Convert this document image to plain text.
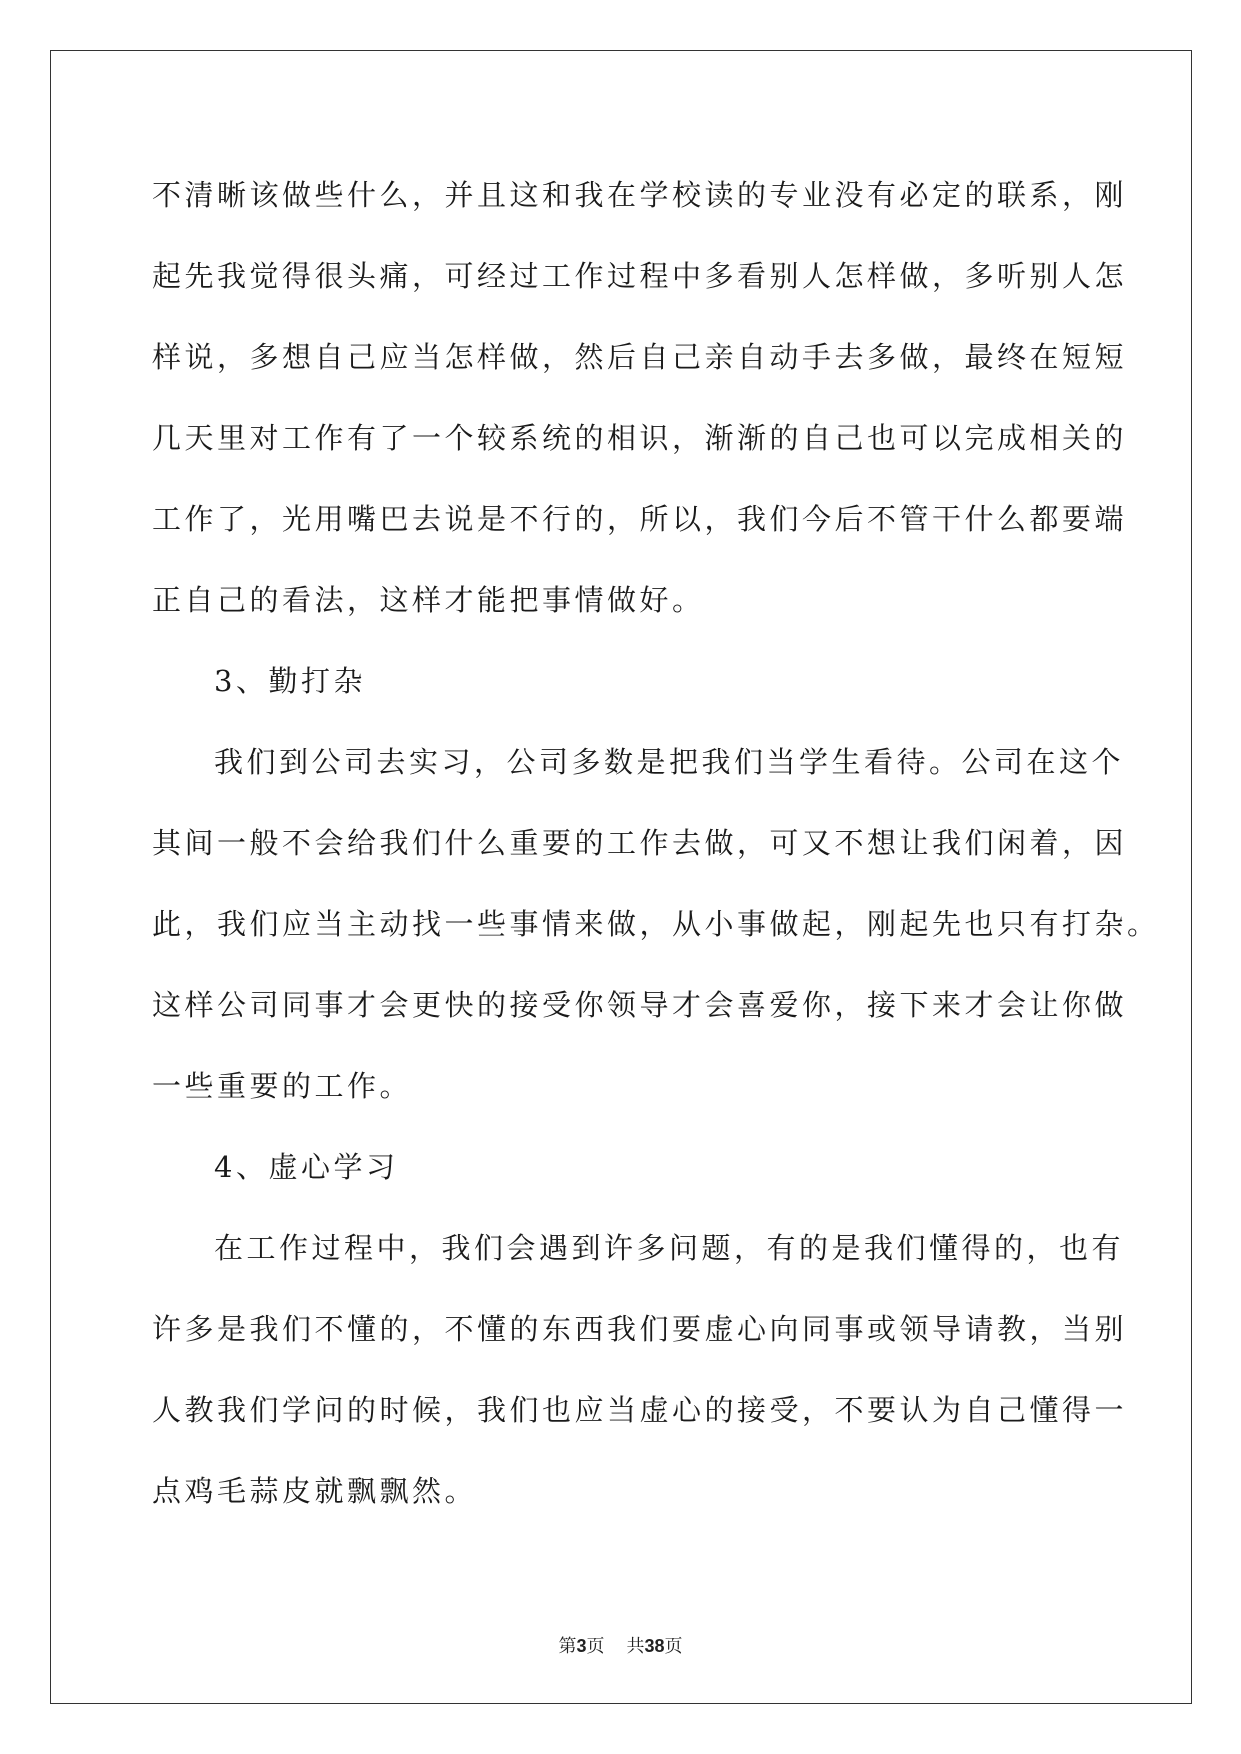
不清晰该做些什么，并且这和我在学校读的专业没有必定的联系，刚
起先我觉得很头痛，可经过工作过程中多看别人怎样做，多听别人怎
样说，多想自己应当怎样做，然后自己亲自动手去多做，最终在短短
几天里对工作有了一个较系统的相识，渐渐的自己也可以完成相关的
工作了，光用嘴巴去说是不行的，所以，我们今后不管干什么都要端
正自己的看法，这样才能把事情做好。
3、勤打杂
我们到公司去实习，公司多数是把我们当学生看待。公司在这个
其间一般不会给我们什么重要的工作去做，可又不想让我们闲着，因
此，我们应当主动找一些事情来做，从小事做起，刚起先也只有打杂。
这样公司同事才会更快的接受你领导才会喜爱你，接下来才会让你做
一些重要的工作。
4、虚心学习
在工作过程中，我们会遇到许多问题，有的是我们懂得的，也有
许多是我们不懂的，不懂的东西我们要虚心向同事或领导请教，当别
人教我们学问的时候，我们也应当虚心的接受，不要认为自己懂得一
点鸡毛蒜皮就飘飘然。
第3页 共38页
